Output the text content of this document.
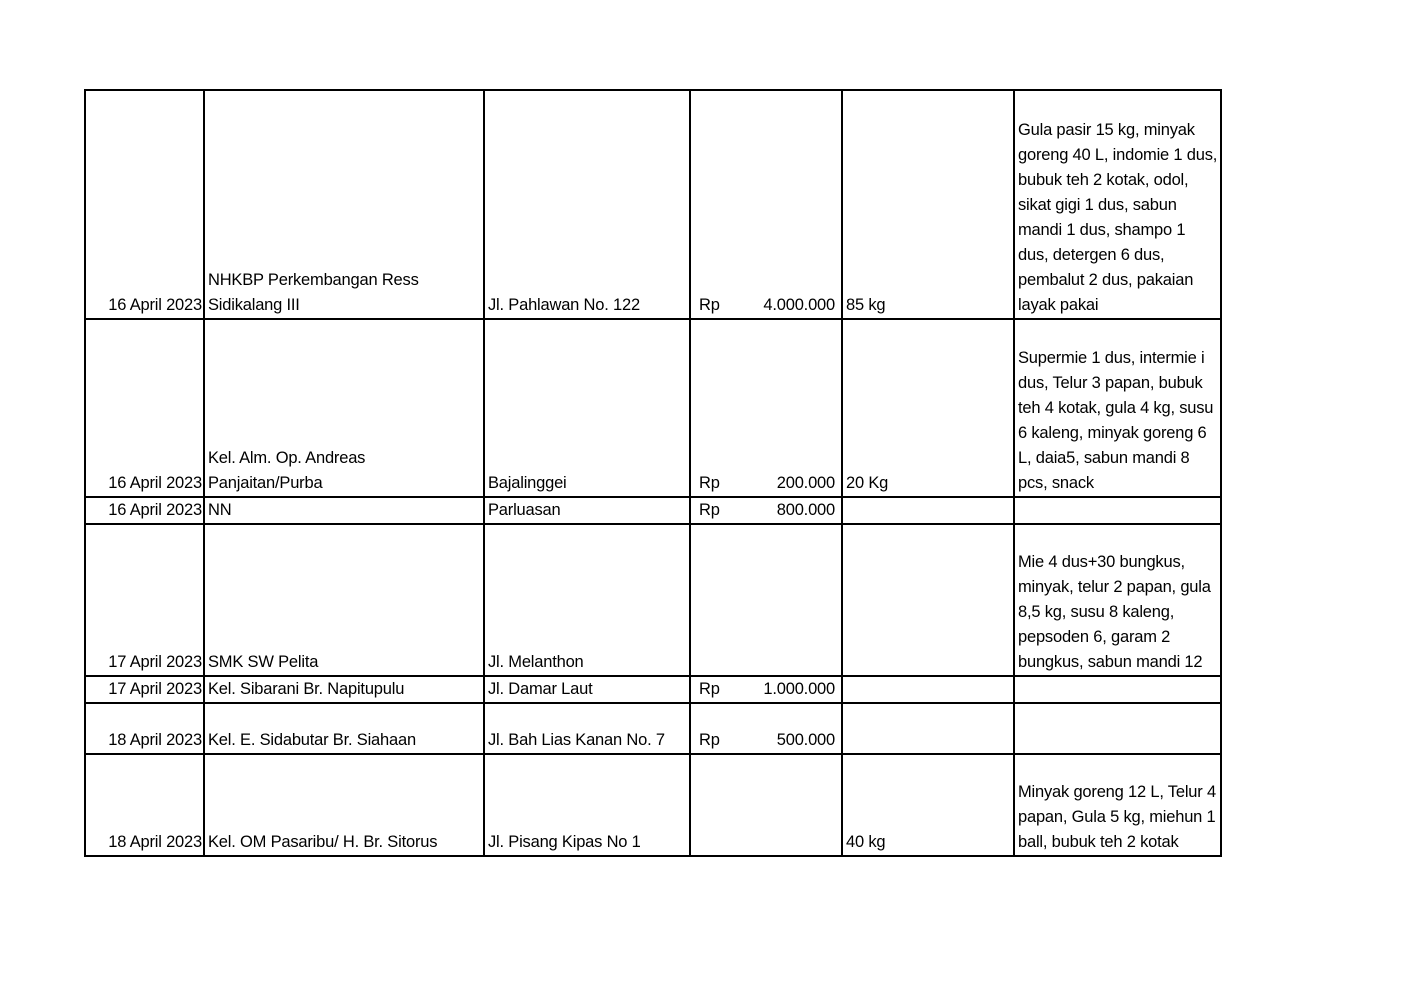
16 April 2023	NHKBP Perkembangan Ress Sidikalang III	Jl. Pahlawan No. 122	Rp 4.000.000	85 kg	Gula pasir 15 kg, minyak goreng 40 L, indomie 1 dus, bubuk teh 2 kotak, odol, sikat gigi 1 dus, sabun mandi 1 dus, shampo 1 dus, detergen 6 dus, pembalut 2 dus, pakaian layak pakai
16 April 2023	Kel. Alm. Op. Andreas Panjaitan/Purba	Bajalinggei	Rp 200.000	20 Kg	Supermie 1 dus, intermie i dus, Telur 3 papan, bubuk teh 4 kotak, gula 4 kg, susu 6 kaleng, minyak goreng 6 L, daia5, sabun mandi 8 pcs, snack
16 April 2023	NN	Parluasan	Rp 800.000		

17 April 2023	SMK SW Pelita	Jl. Melanthon			Mie 4 dus+30 bungkus, minyak, telur 2 papan, gula 8,5 kg, susu 8 kaleng, pepsoden 6, garam 2 bungkus, sabun mandi 12
17 April 2023	Kel. Sibarani Br. Napitupulu	Jl. Damar Laut	Rp 1.000.000		

18 April 2023	Kel. E. Sidabutar Br. Siahaan	Jl. Bah Lias Kanan No. 7	Rp 500.000		

18 April 2023	Kel. OM Pasaribu/ H. Br. Sitorus	Jl. Pisang Kipas No 1		40 kg	Minyak goreng 12 L, Telur 4 papan, Gula 5 kg, miehun 1 ball, bubuk teh 2 kotak
